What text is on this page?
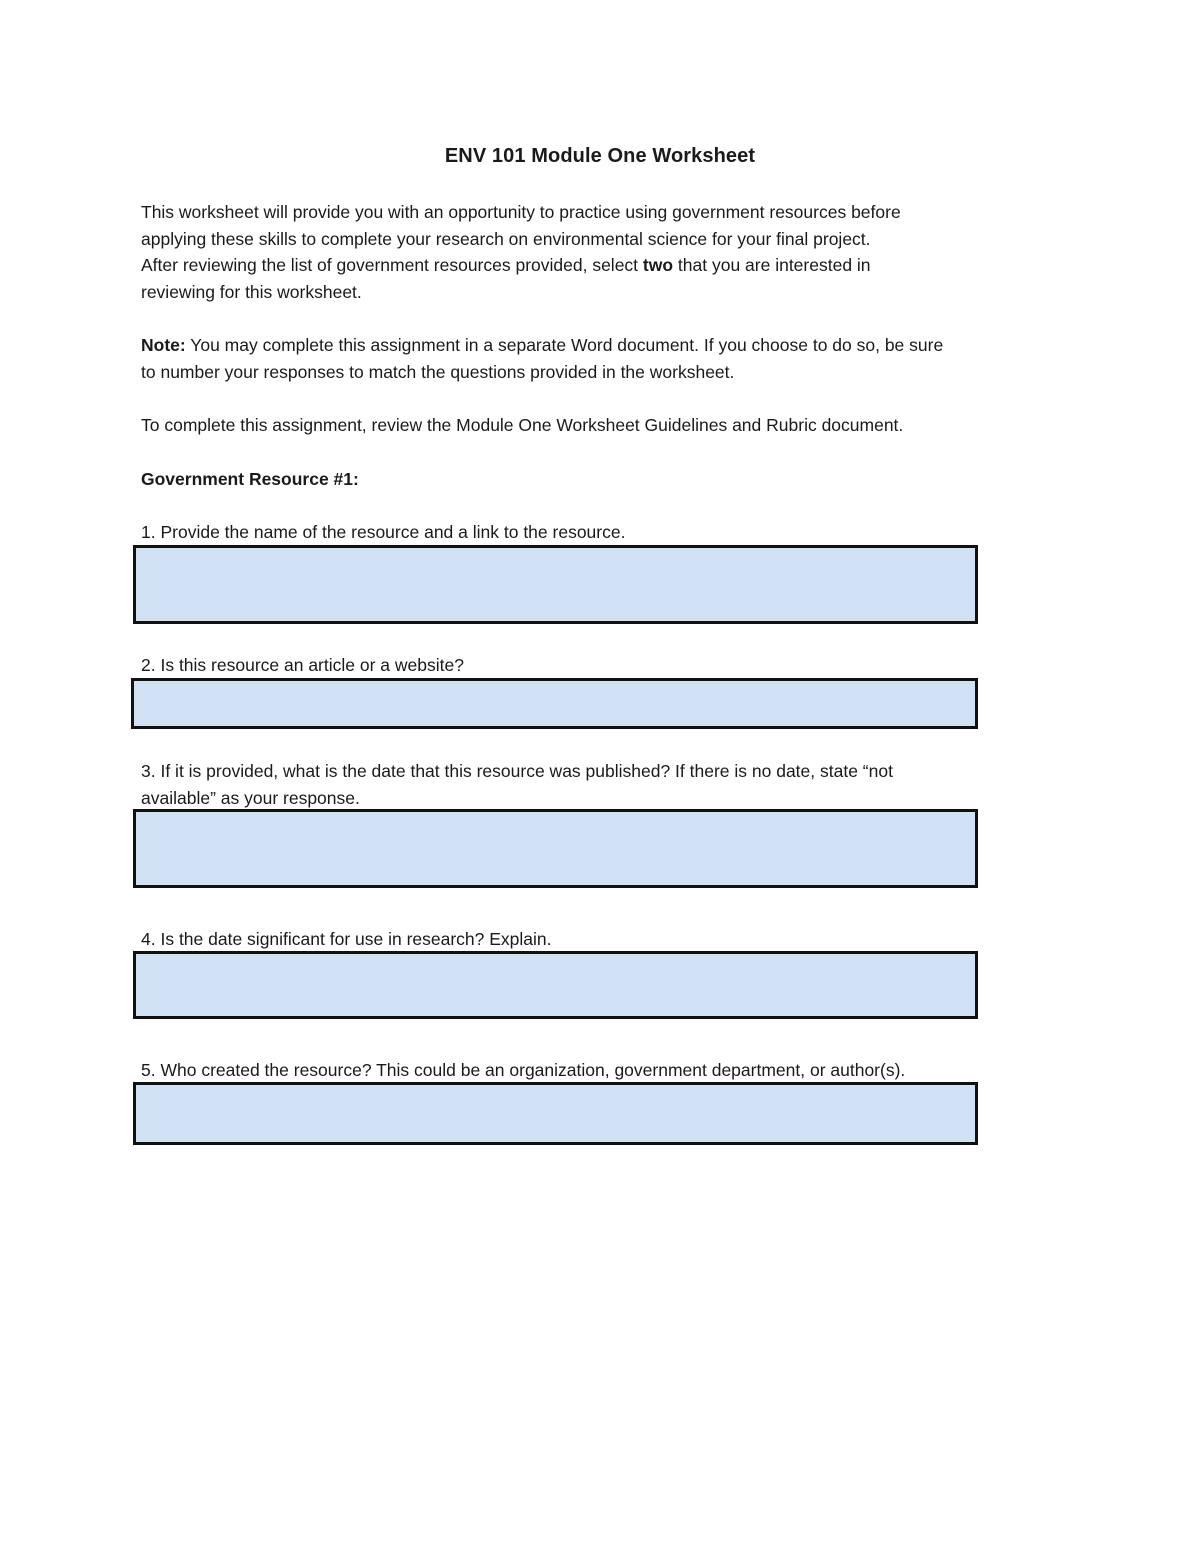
ENV 101 Module One Worksheet
This worksheet will provide you with an opportunity to practice using government resources before
applying these skills to complete your research on environmental science for your final project.
After reviewing the list of government resources provided, select two that you are interested in
reviewing for this worksheet.
Note: You may complete this assignment in a separate Word document. If you choose to do so, be sure
to number your responses to match the questions provided in the worksheet.
To complete this assignment, review the Module One Worksheet Guidelines and Rubric document.
Government Resource #1:
1. Provide the name of the resource and a link to the resource.
2. Is this resource an article or a website?
3. If it is provided, what is the date that this resource was published? If there is no date, state “not
available” as your response.
4. Is the date significant for use in research? Explain.
5. Who created the resource? This could be an organization, government department, or author(s).
